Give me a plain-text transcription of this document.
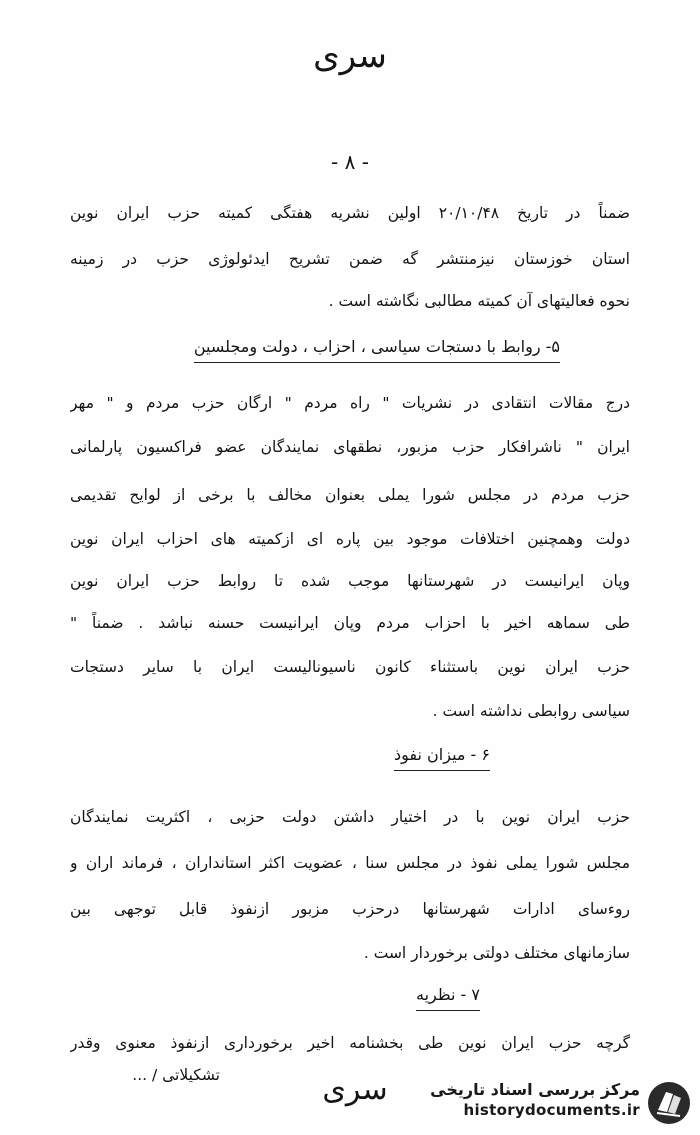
سری
- ۸ -
ضمناً در تاریخ ۲۰/۱۰/۴۸ اولین نشریه هفتگی کمیته حزب ایران نوین
استان خوزستان نیزمنتشر گه ضمن تشریح ایدئولوژی حزب در زمینه
نحوه فعالیتهای آن کمیته مطالبی نگاشته است .
۵- روابط با دستجات سیاسی ، احزاب ، دولت ومجلسین
درج مقالات انتقادی در نشریات " راه مردم " ارگان حزب مردم و " مهر
ایران " ناشرافکار حزب مزبور، نطقهای نمایندگان عضو فراکسیون پارلمانی
حزب مردم در مجلس شورا یملی بعنوان مخالف با برخی از لوایح تقدیمی
دولت وهمچنین اختلافات موجود بین پاره ای ازکمیته های احزاب ایران نوین
وپان ایرانیست در شهرستانها موجب شده تا روابط حزب ایران نوین
طی سماهه اخیر با احزاب مردم وپان ایرانیست حسنه نباشد . ضمناً "
حزب ایران نوین باستثناء کانون ناسیونالیست ایران با سایر دستجات
سیاسی روابطی نداشته است .
۶ - میزان نفوذ
حزب ایران نوین با در اختیار داشتن دولت حزبی ، اکثریت نمایندگان
مجلس شورا یملی نفوذ در مجلس سنا ، عضویت اکثر استانداران ، فرماند اران و
روءسای ادارات شهرستانها درحزب مزبور ازنفوذ قابل توجهی بین
سازمانهای مختلف دولتی برخوردار است .
۷ - نظریه
گرچه حزب ایران نوین طی بخشنامه اخیر برخورداری ازنفوذ معنوی وقدر
تشکیلاتی / ...	سری	مرکز بررسی اسناد تاریخی
historydocuments.ir
